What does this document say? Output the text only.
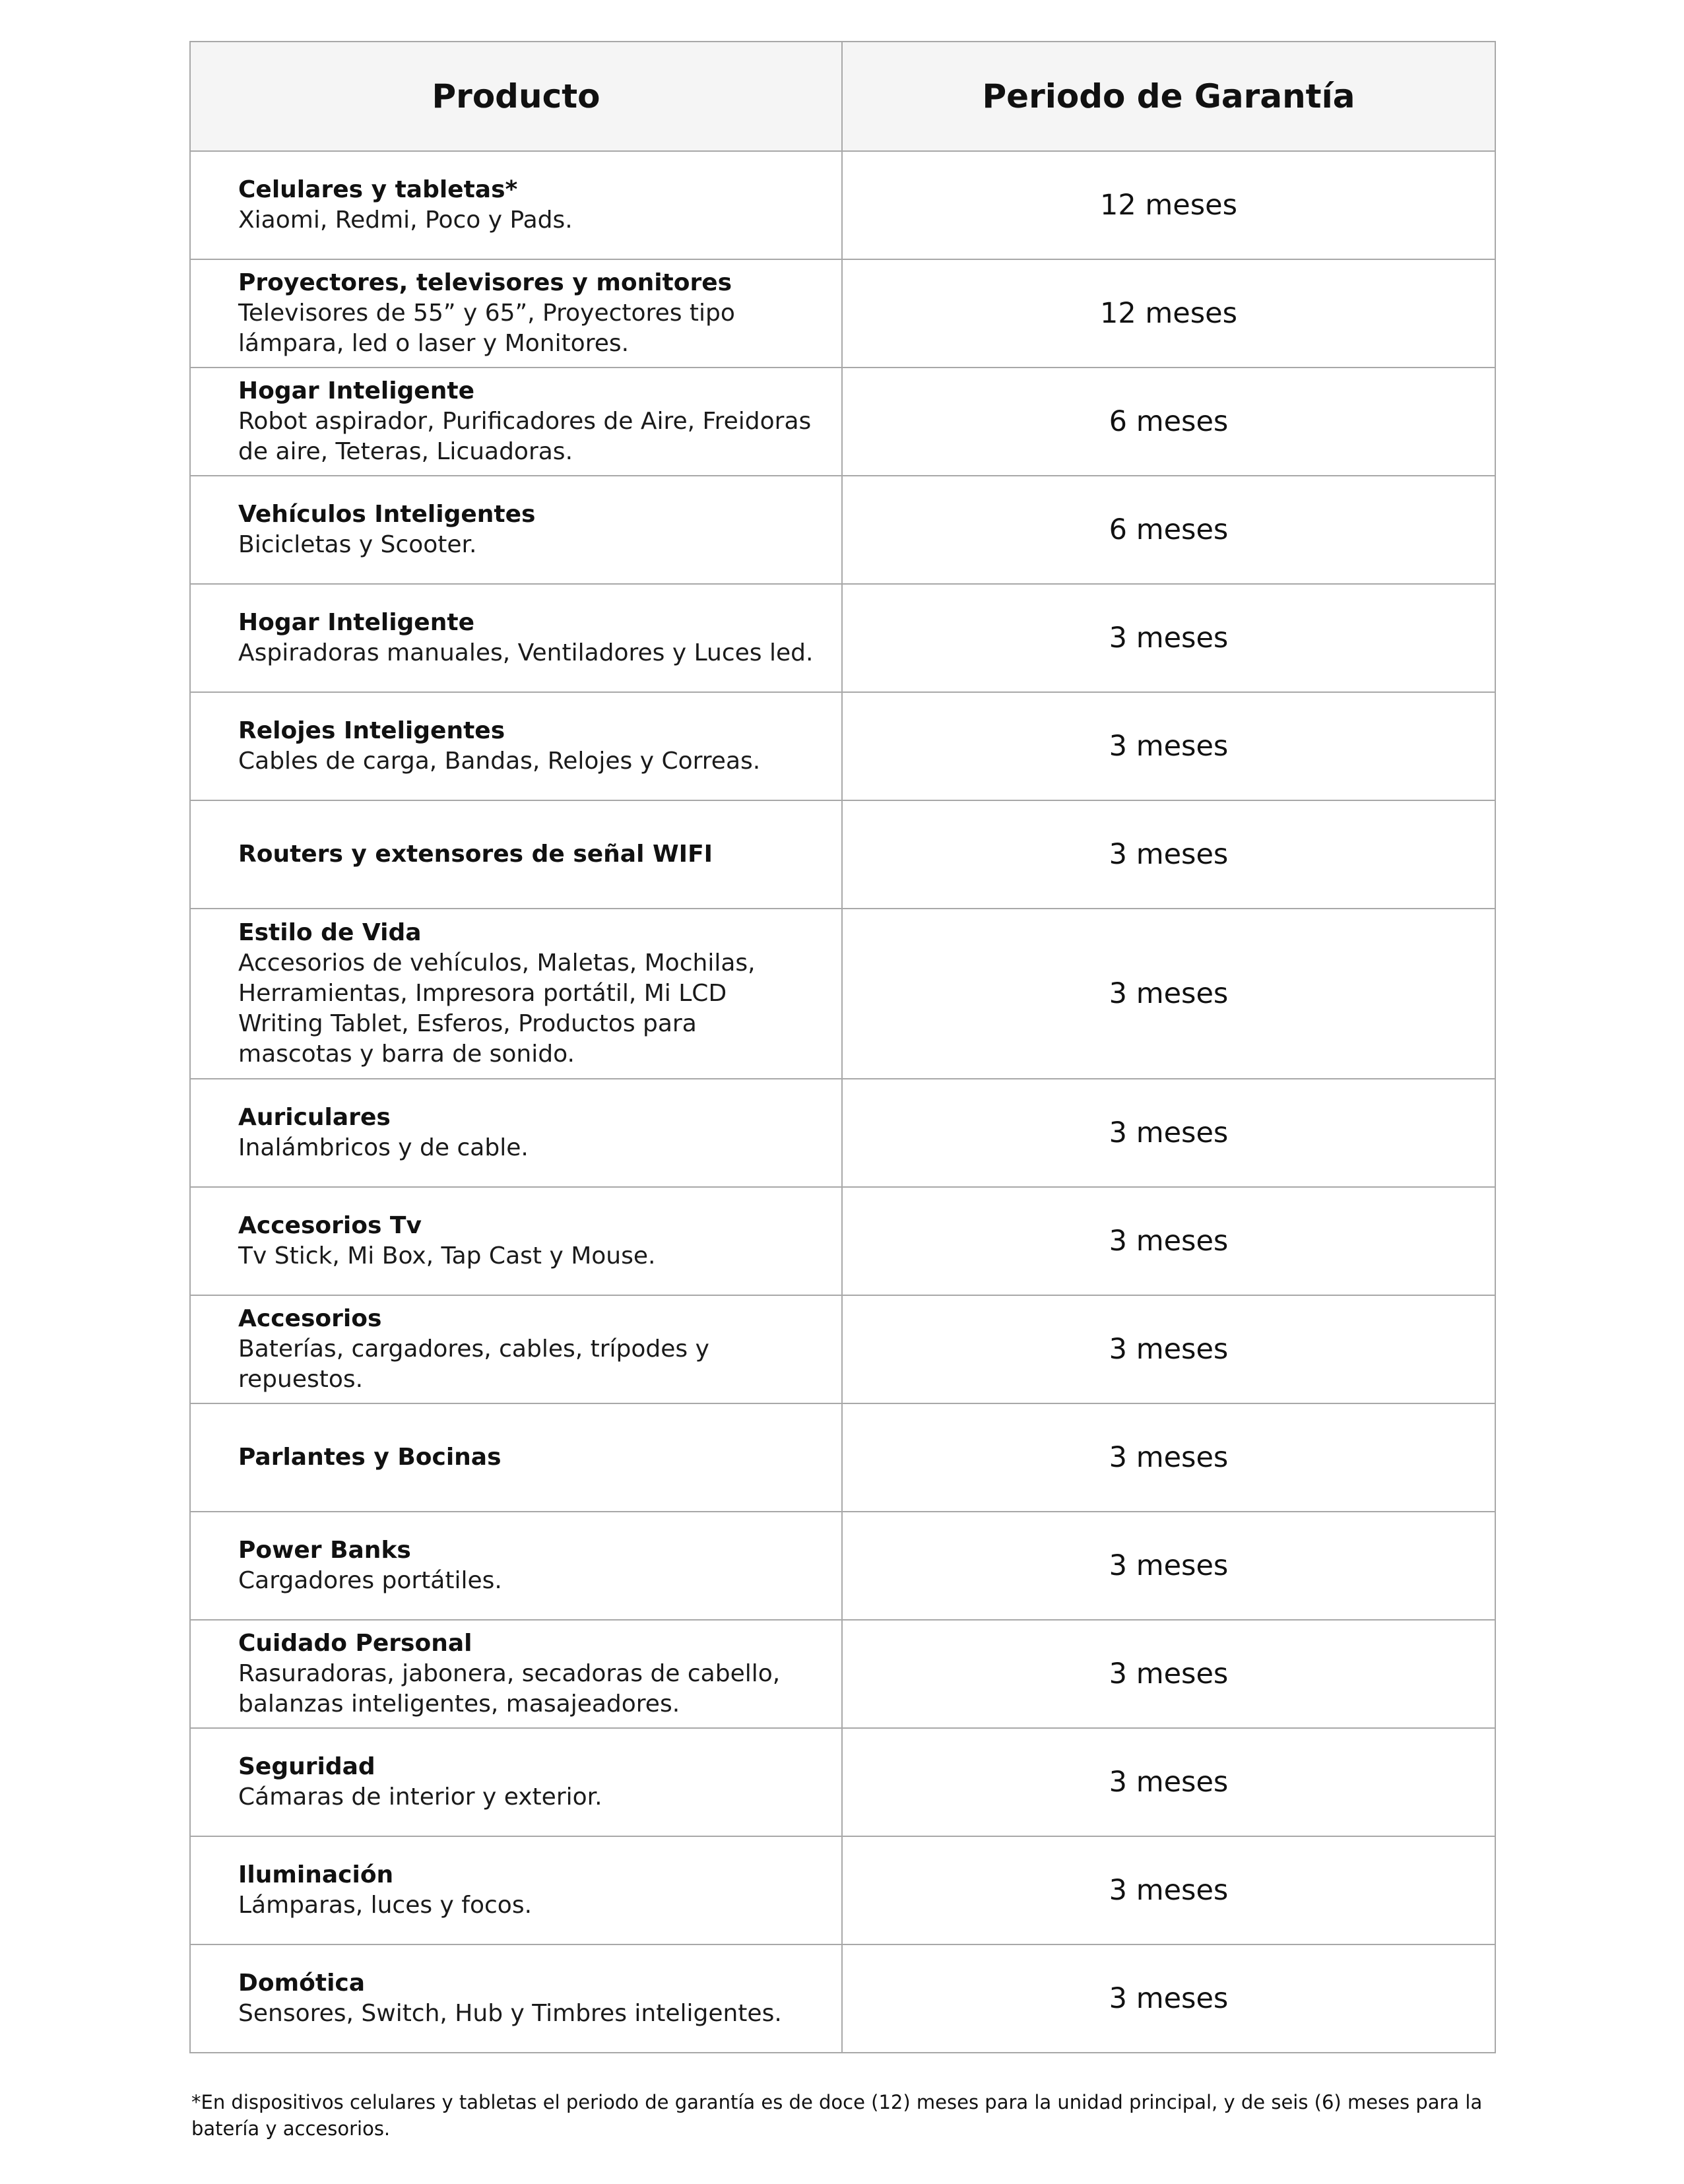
Producto	Periodo de Garantía

Celulares y tabletas*
Xiaomi, Redmi, Poco y Pads.	12 meses

Proyectores, televisores y monitores
Televisores de 55” y 65”, Proyectores tipo lámpara, led o laser y Monitores.	12 meses

Hogar Inteligente
Robot aspirador, Purificadores de Aire, Freidoras de aire, Teteras, Licuadoras.	6 meses

Vehículos Inteligentes
Bicicletas y Scooter.	6 meses

Hogar Inteligente
Aspiradoras manuales, Ventiladores y Luces led.	3 meses

Relojes Inteligentes
Cables de carga, Bandas, Relojes y Correas.	3 meses

Routers y extensores de señal WIFI	3 meses

Estilo de Vida
Accesorios de vehículos, Maletas, Mochilas, Herramientas, Impresora portátil, Mi LCD Writing Tablet, Esferos, Productos para mascotas y barra de sonido.	3 meses

Auriculares
Inalámbricos y de cable.	3 meses

Accesorios Tv
Tv Stick, Mi Box, Tap Cast y Mouse.	3 meses

Accesorios
Baterías, cargadores, cables, trípodes y repuestos.	3 meses

Parlantes y Bocinas	3 meses

Power Banks
Cargadores portátiles.	3 meses

Cuidado Personal
Rasuradoras, jabonera, secadoras de cabello, balanzas inteligentes, masajeadores.	3 meses

Seguridad
Cámaras de interior y exterior.	3 meses

Iluminación
Lámparas, luces y focos.	3 meses

Domótica
Sensores, Switch, Hub y Timbres inteligentes.	3 meses
*En dispositivos celulares y tabletas el periodo de garantía es de doce (12) meses para la unidad principal, y de seis (6) meses para la batería y accesorios.
